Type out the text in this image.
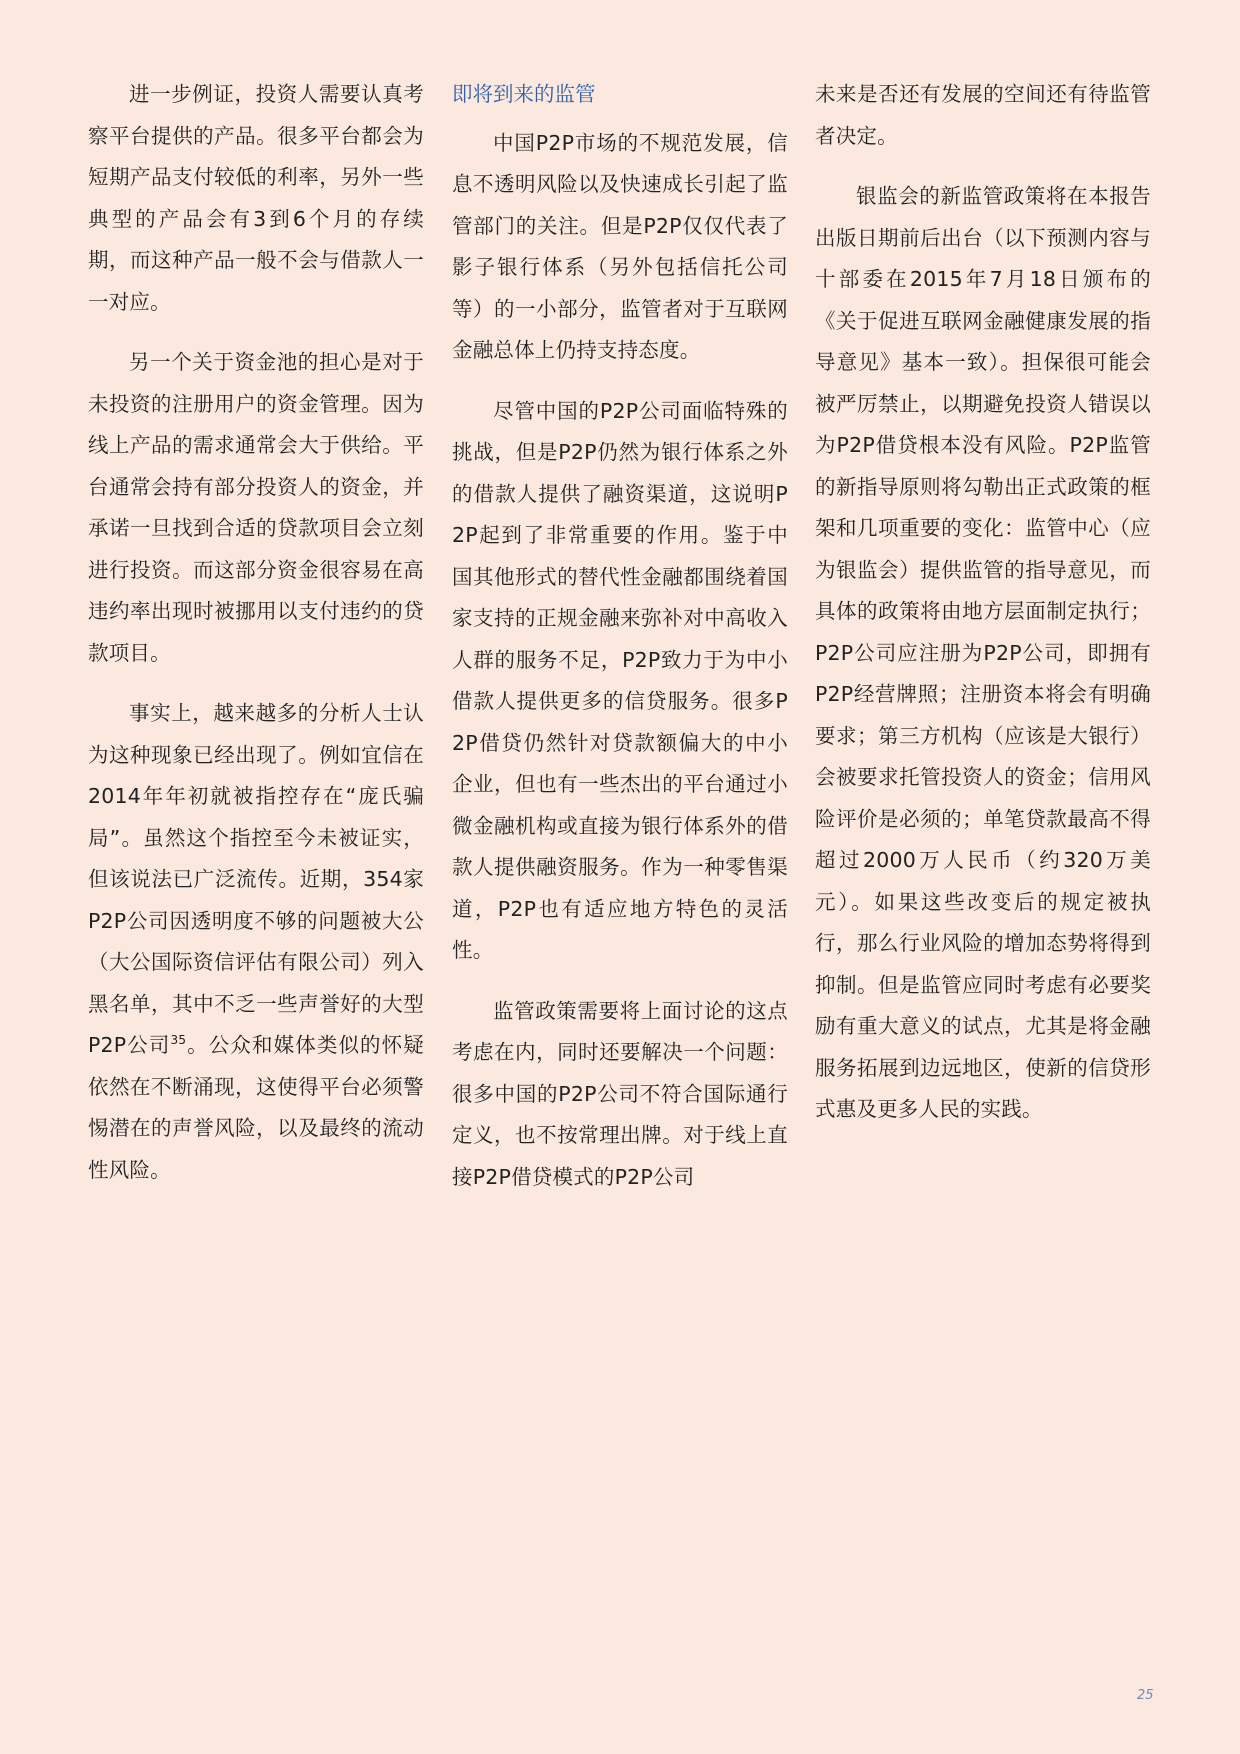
进一步例证，投资人需要认真考察平台提供的产品。很多平台都会为短期产品支付较低的利率，另外一些典型的产品会有3到6个月的存续期，而这种产品一般不会与借款人一一对应。

另一个关于资金池的担心是对于未投资的注册用户的资金管理。因为线上产品的需求通常会大于供给。平台通常会持有部分投资人的资金，并承诺一旦找到合适的贷款项目会立刻进行投资。而这部分资金很容易在高违约率出现时被挪用以支付违约的贷款项目。

事实上，越来越多的分析人士认为这种现象已经出现了。例如宜信在2014年年初就被指控存在“庞氏骗局”。虽然这个指控至今未被证实，但该说法已广泛流传。近期，354家P2P公司因透明度不够的问题被大公（大公国际资信评估有限公司）列入黑名单，其中不乏一些声誉好的大型P2P公司$^{35}$。公众和媒体类似的怀疑依然在不断涌现，这使得平台必须警惕潜在的声誉风险，以及最终的流动性风险。

即将到来的监管

中国P2P市场的不规范发展，信息不透明风险以及快速成长引起了监管部门的关注。但是P2P仅仅代表了影子银行体系（另外包括信托公司等）的一小部分，监管者对于互联网金融总体上仍持支持态度。

尽管中国的P2P公司面临特殊的挑战，但是P2P仍然为银行体系之外的借款人提供了融资渠道，这说明P2P起到了非常重要的作用。鉴于中国其他形式的替代性金融都围绕着国家支持的正规金融来弥补对中高收入人群的服务不足，P2P致力于为中小借款人提供更多的信贷服务。很多P2P借贷仍然针对贷款额偏大的中小企业，但也有一些杰出的平台通过小微金融机构或直接为银行体系外的借款人提供融资服务。作为一种零售渠道，P2P也有适应地方特色的灵活性。

监管政策需要将上面讨论的这点考虑在内，同时还要解决一个问题：很多中国的P2P公司不符合国际通行定义，也不按常理出牌。对于线上直接P2P借贷模式的P2P公司

未来是否还有发展的空间还有待监管者决定。

银监会的新监管政策将在本报告出版日期前后出台（以下预测内容与十部委在2015年7月18日颁布的《关于促进互联网金融健康发展的指导意见》基本一致）。担保很可能会被严厉禁止，以期避免投资人错误以为P2P借贷根本没有风险。P2P监管的新指导原则将勾勒出正式政策的框架和几项重要的变化：监管中心（应为银监会）提供监管的指导意见，而具体的政策将由地方层面制定执行；P2P公司应注册为P2P公司，即拥有P2P经营牌照；注册资本将会有明确要求；第三方机构（应该是大银行）会被要求托管投资人的资金；信用风险评价是必须的；单笔贷款最高不得超过2000万人民币（约320万美元）。如果这些改变后的规定被执行，那么行业风险的增加态势将得到抑制。但是监管应同时考虑有必要奖励有重大意义的试点，尤其是将金融服务拓展到边远地区，使新的信贷形式惠及更多人民的实践。

25
